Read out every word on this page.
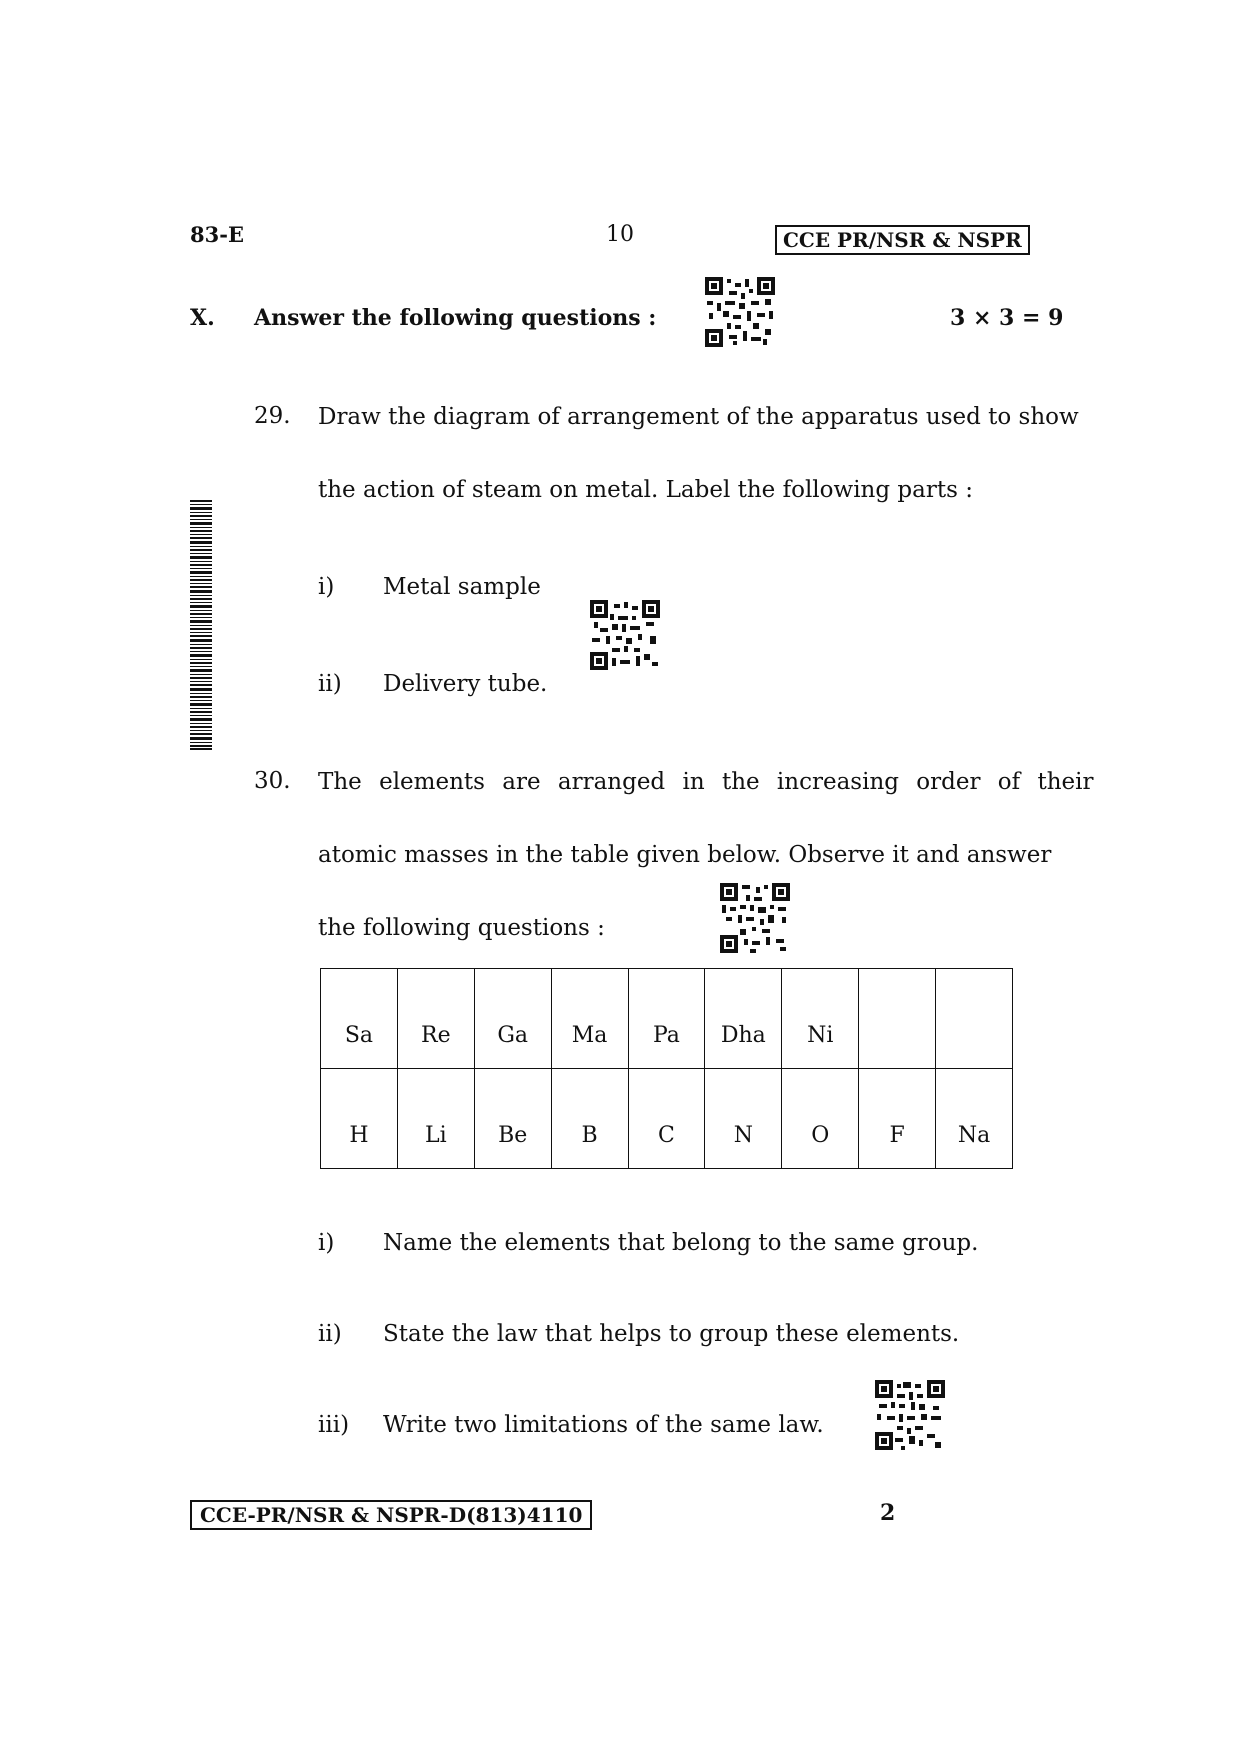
83-E	10	CCE PR/NSR & NSPR
X. Answer the following questions :	3 × 3 = 9
29. Draw the diagram of arrangement of the apparatus used to show
the action of steam on metal. Label the following parts :
i) Metal sample
ii) Delivery tube.
30. The elements are arranged in the increasing order of their
atomic masses in the table given below. Observe it and answer
the following questions :
Sa	Re	Ga	Ma	Pa	Dha	Ni		
H	Li	Be	B	C	N	O	F	Na
i) Name the elements that belong to the same group.
ii) State the law that helps to group these elements.
iii) Write two limitations of the same law.
CCE-PR/NSR & NSPR-D(813)4110	2
